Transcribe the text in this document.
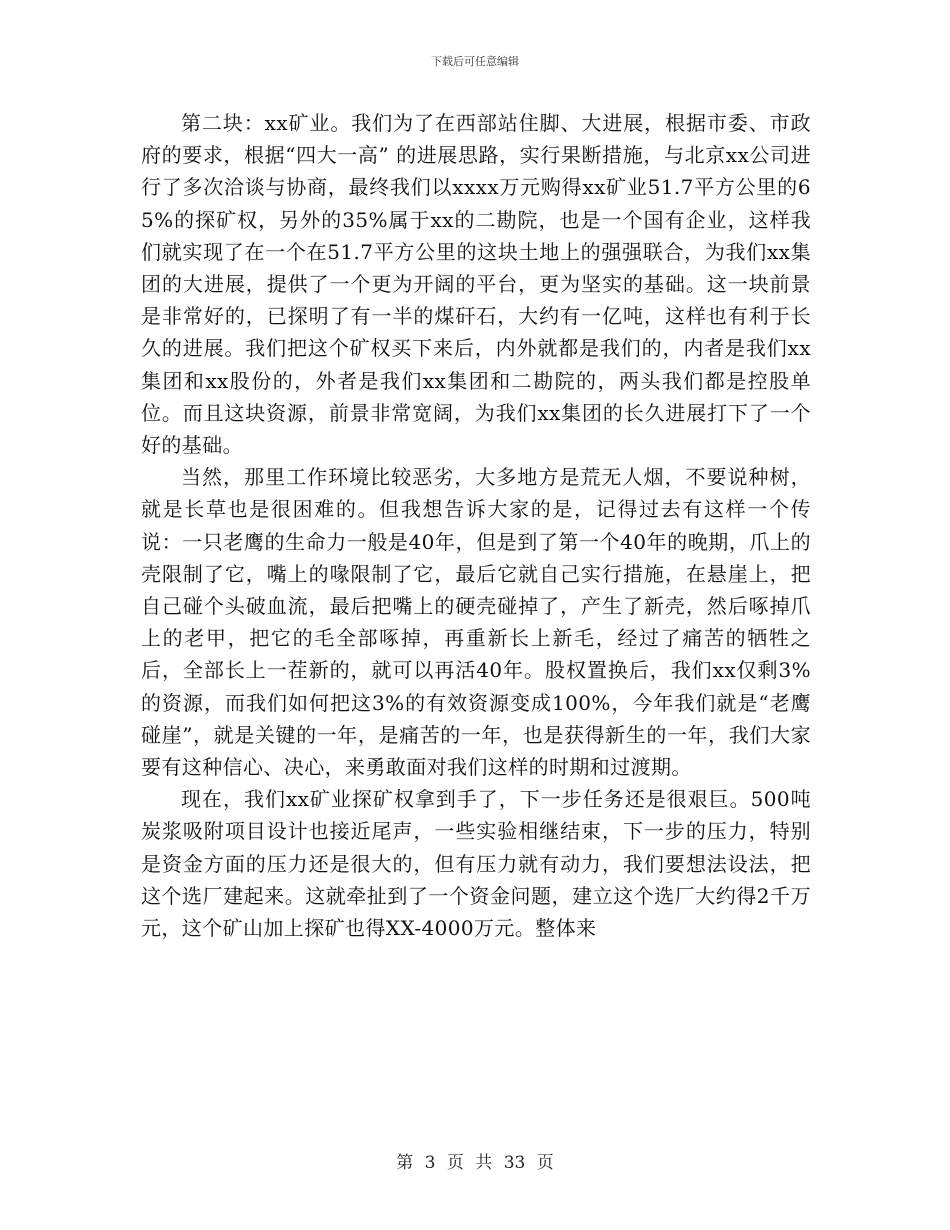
下载后可任意编辑

第二块：xx矿业。我们为了在西部站住脚、大进展，根据市委、市政府的要求，根据“四大一高” 的进展思路，实行果断措施，与北京xx公司进行了多次洽谈与协商，最终我们以xxxx万元购得xx矿业51.7平方公里的65%的探矿权，另外的35%属于xx的二勘院，也是一个国有企业，这样我们就实现了在一个在51.7平方公里的这块土地上的强强联合，为我们xx集团的大进展，提供了一个更为开阔的平台，更为坚实的基础。这一块前景是非常好的，已探明了有一半的煤矸石，大约有一亿吨，这样也有利于长久的进展。我们把这个矿权买下来后，内外就都是我们的，内者是我们xx集团和xx股份的，外者是我们xx集团和二勘院的，两头我们都是控股单位。而且这块资源，前景非常宽阔，为我们xx集团的长久进展打下了一个好的基础。

当然，那里工作环境比较恶劣，大多地方是荒无人烟，不要说种树，就是长草也是很困难的。但我想告诉大家的是，记得过去有这样一个传说：一只老鹰的生命力一般是40年，但是到了第一个40年的晚期，爪上的壳限制了它，嘴上的喙限制了它，最后它就自己实行措施，在悬崖上，把自己碰个头破血流，最后把嘴上的硬壳碰掉了，产生了新壳，然后啄掉爪上的老甲，把它的毛全部啄掉，再重新长上新毛，经过了痛苦的牺牲之后，全部长上一茬新的，就可以再活40年。股权置换后，我们xx仅剩3%的资源，而我们如何把这3%的有效资源变成100%，今年我们就是“老鹰碰崖”，就是关键的一年，是痛苦的一年，也是获得新生的一年，我们大家要有这种信心、决心，来勇敢面对我们这样的时期和过渡期。

现在，我们xx矿业探矿权拿到手了，下一步任务还是很艰巨。500吨炭浆吸附项目设计也接近尾声，一些实验相继结束，下一步的压力，特别是资金方面的压力还是很大的，但有压力就有动力，我们要想法设法，把这个选厂建起来。这就牵扯到了一个资金问题，建立这个选厂大约得2千万元，这个矿山加上探矿也得XX-4000万元。整体来

第 3 页 共 33 页
